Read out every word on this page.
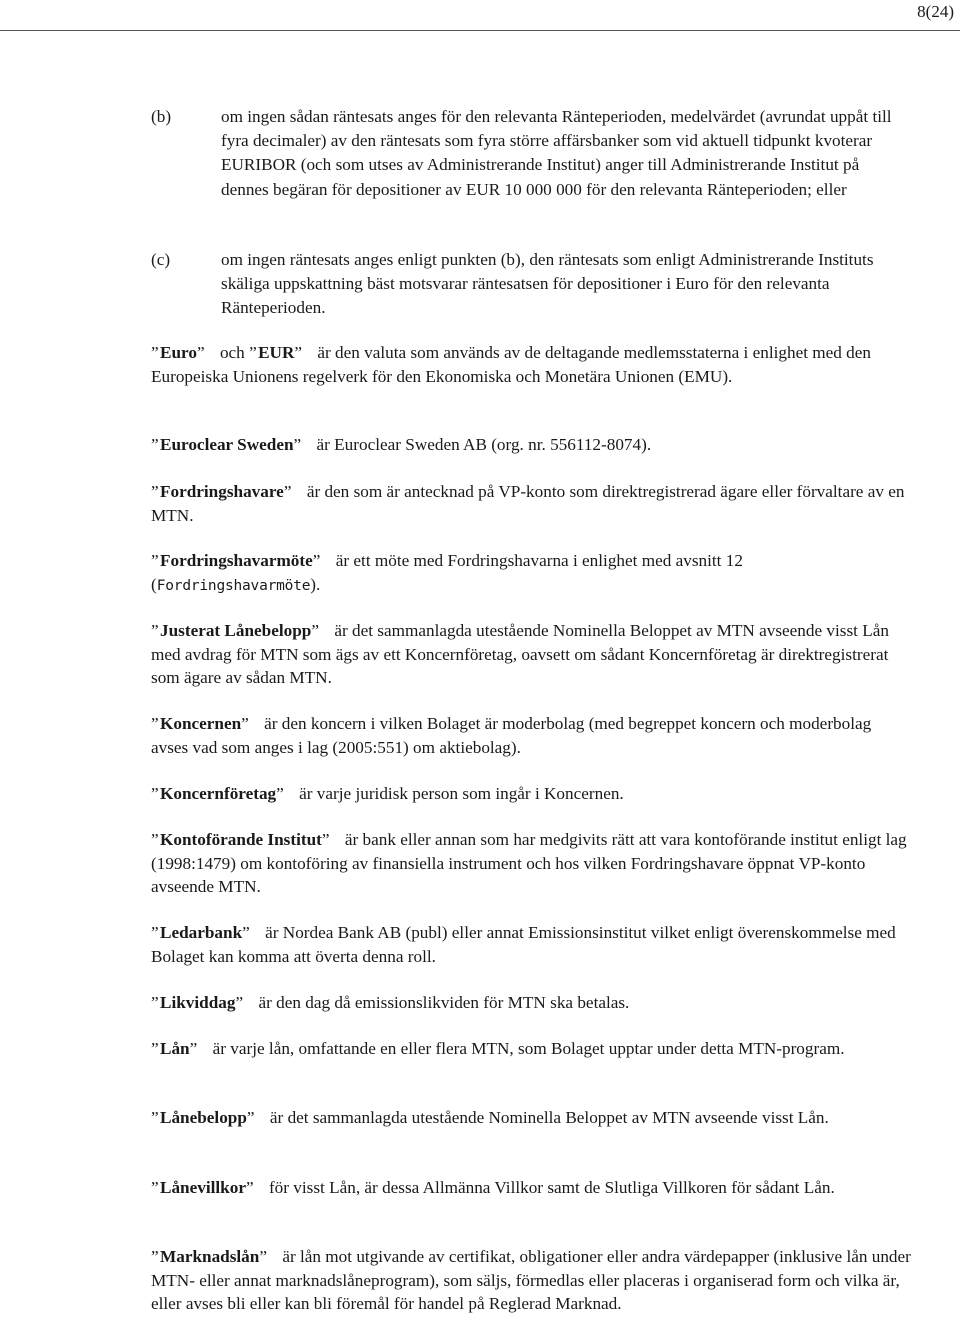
8(24)
(b)	om ingen sådan räntesats anges för den relevanta Ränteperioden, medelvärdet (avrundat uppåt till fyra decimaler) av den räntesats som fyra större affärsbanker som vid aktuell tidpunkt kvoterar EURIBOR (och som utses av Administrerande Institut) anger till Administrerande Institut på dennes begäran för depositioner av EUR 10 000 000 för den relevanta Ränteperioden; eller
(c)	om ingen räntesats anges enligt punkten (b), den räntesats som enligt Administrerande Instituts skäliga uppskattning bäst motsvarar räntesatsen för depositioner i Euro för den relevanta Ränteperioden.
”Euro” och ”EUR” är den valuta som används av de deltagande medlemsstaterna i enlighet med den Europeiska Unionens regelverk för den Ekonomiska och Monetära Unionen (EMU).
”Euroclear Sweden” är Euroclear Sweden AB (org. nr. 556112-8074).
”Fordringshavare” är den som är antecknad på VP-konto som direktregistrerad ägare eller förvaltare av en MTN.
”Fordringshavarmöte” är ett möte med Fordringshavarna i enlighet med avsnitt 12 (Fordringshavarmöte).
”Justerat Lånebelopp” är det sammanlagda utestående Nominella Beloppet av MTN avseende visst Lån med avdrag för MTN som ägs av ett Koncernföretag, oavsett om sådant Koncernföretag är direktregistrerat som ägare av sådan MTN.
”Koncernen” är den koncern i vilken Bolaget är moderbolag (med begreppet koncern och moderbolag avses vad som anges i lag (2005:551) om aktiebolag).
”Koncernföretag” är varje juridisk person som ingår i Koncernen.
”Kontoförande Institut” är bank eller annan som har medgivits rätt att vara kontoförande institut enligt lag (1998:1479) om kontoföring av finansiella instrument och hos vilken Fordringshavare öppnat VP-konto avseende MTN.
”Ledarbank” är Nordea Bank AB (publ) eller annat Emissionsinstitut vilket enligt överenskommelse med Bolaget kan komma att överta denna roll.
”Likviddag” är den dag då emissionslikviden för MTN ska betalas.
”Lån” är varje lån, omfattande en eller flera MTN, som Bolaget upptar under detta MTN-program.
”Lånebelopp” är det sammanlagda utestående Nominella Beloppet av MTN avseende visst Lån.
”Lånevillkor” för visst Lån, är dessa Allmänna Villkor samt de Slutliga Villkoren för sådant Lån.
”Marknadslån” är lån mot utgivande av certifikat, obligationer eller andra värdepapper (inklusive lån under MTN- eller annat marknadslåneprogram), som säljs, förmedlas eller placeras i organiserad form och vilka är, eller avses bli eller kan bli föremål för handel på Reglerad Marknad.
